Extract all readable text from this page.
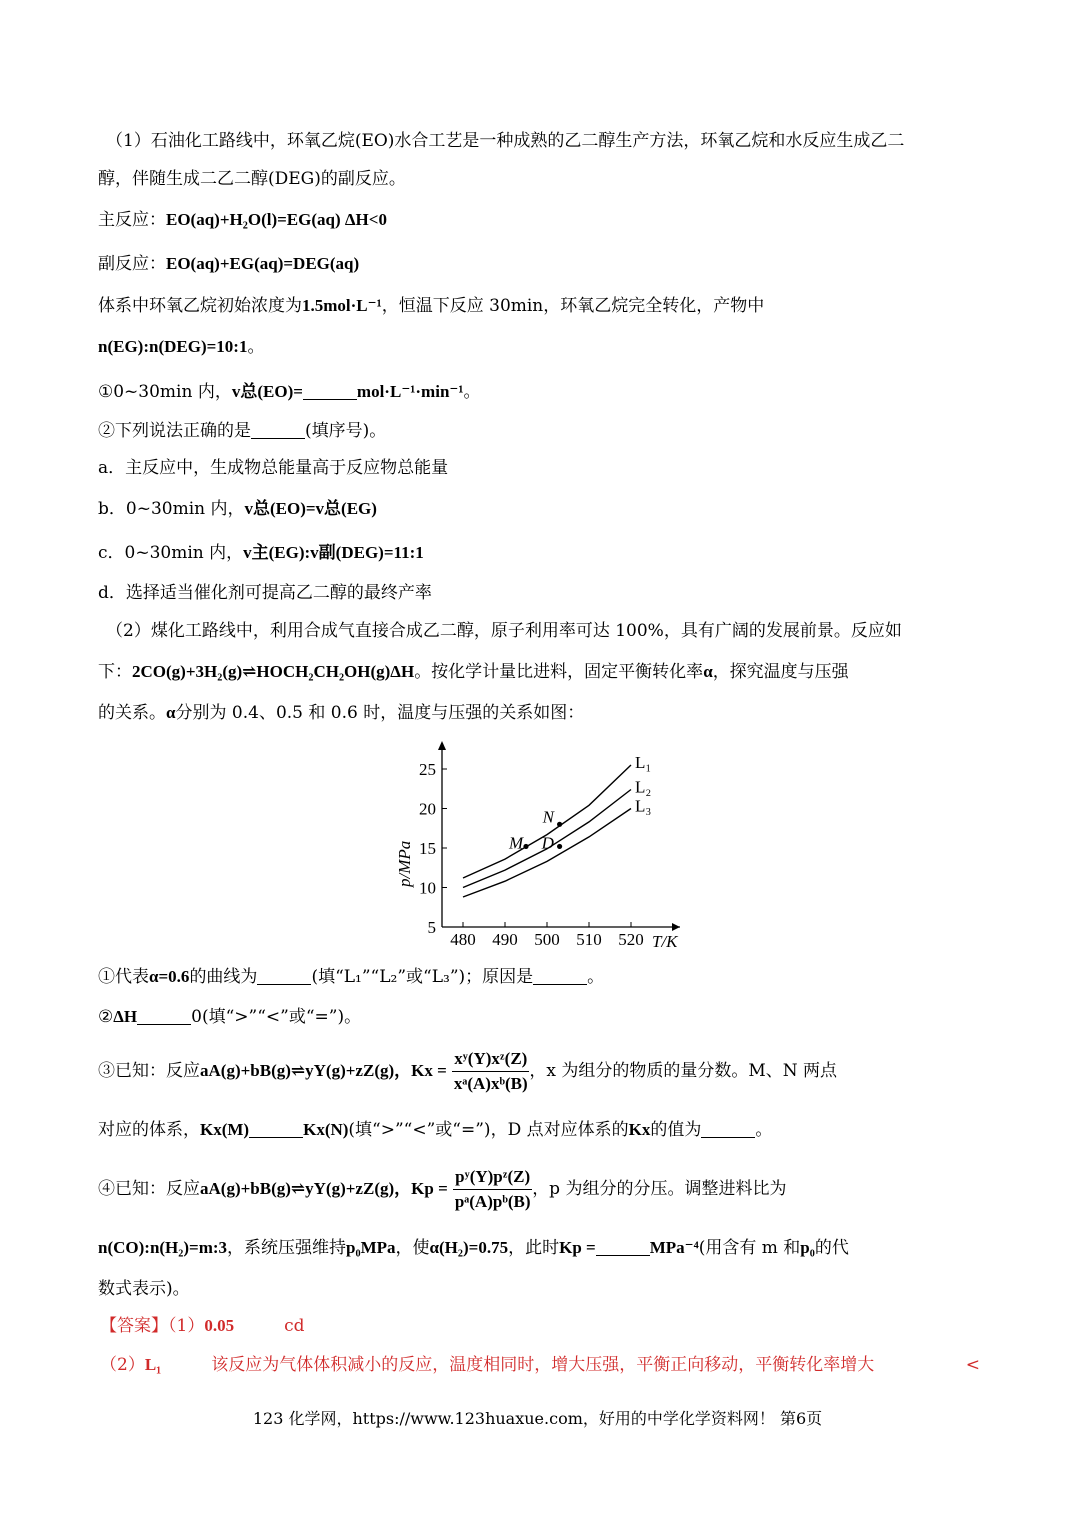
（1）石油化工路线中，环氧乙烷(EO)水合工艺是一种成熟的乙二醇生产方法，环氧乙烷和水反应生成乙二
醇，伴随生成二乙二醇(DEG)的副反应。
主反应：EO(aq)+H₂O(l)=EG(aq) ΔH<0
副反应：EO(aq)+EG(aq)=DEG(aq)
体系中环氧乙烷初始浓度为1.5mol·L⁻¹，恒温下反应 30min，环氧乙烷完全转化，产物中
n(EG):n(DEG)=10:1。
①0~30min 内，v总(EO)=	mol·L⁻¹·min⁻¹。
②下列说法正确的是	(填序号)。
a．主反应中，生成物总能量高于反应物总能量
b．0~30min 内，v总(EO)=v总(EG)
c．0~30min 内，v主(EG):v副(DEG)=11:1
d．选择适当催化剂可提高乙二醇的最终产率
（2）煤化工路线中，利用合成气直接合成乙二醇，原子利用率可达 100%，具有广阔的发展前景。反应如
下：2CO(g)+3H₂(g)⇌HOCH₂CH₂OH(g)ΔH。按化学计量比进料，固定平衡转化率α，探究温度与压强
的关系。α分别为 0.4、0.5 和 0.6 时，温度与压强的关系如图：
480 490 500 510 520
5
10
15
20
25
T/K
p/MPa
L₁
L₂
L₃
M
N
D
①代表α=0.6的曲线为	(填“L₁”“L₂”或“L₃”)；原因是	。
②ΔH	0(填“>”“<”或“=”)。
③已知：反应aA(g)+bB(g)⇌yY(g)+zZ(g)，$Kx = \frac{\text{xʸ(Y)xᶻ(Z)}}{\text{xᵃ(A)xᵇ(B)}}$ ，x 为组分的物质的量分数。M、N 两点
对应的体系，Kx(M)	Kx(N)(填“>”“<”或“=”)，D 点对应体系的Kx的值为	。
④已知：反应aA(g)+bB(g)⇌yY(g)+zZ(g)，$Kp = \frac{\text{pʸ(Y)pᶻ(Z)}}{\text{pᵃ(A)pᵇ(B)}}$ ，p 为组分的分压。调整进料比为
n(CO):n(H₂)=m:3，系统压强维持p₀MPa，使α(H₂)=0.75，此时Kp =	MPa⁻⁴(用含有 m 和p₀的代
数式表示)。
【答案】（1）0.05	cd
（2）L₁	该反应为气体体积减小的反应，温度相同时，增大压强，平衡正向移动，平衡转化率增大	<
123 化学网，https://www.123huaxue.com，好用的中学化学资料网！ 第6页
